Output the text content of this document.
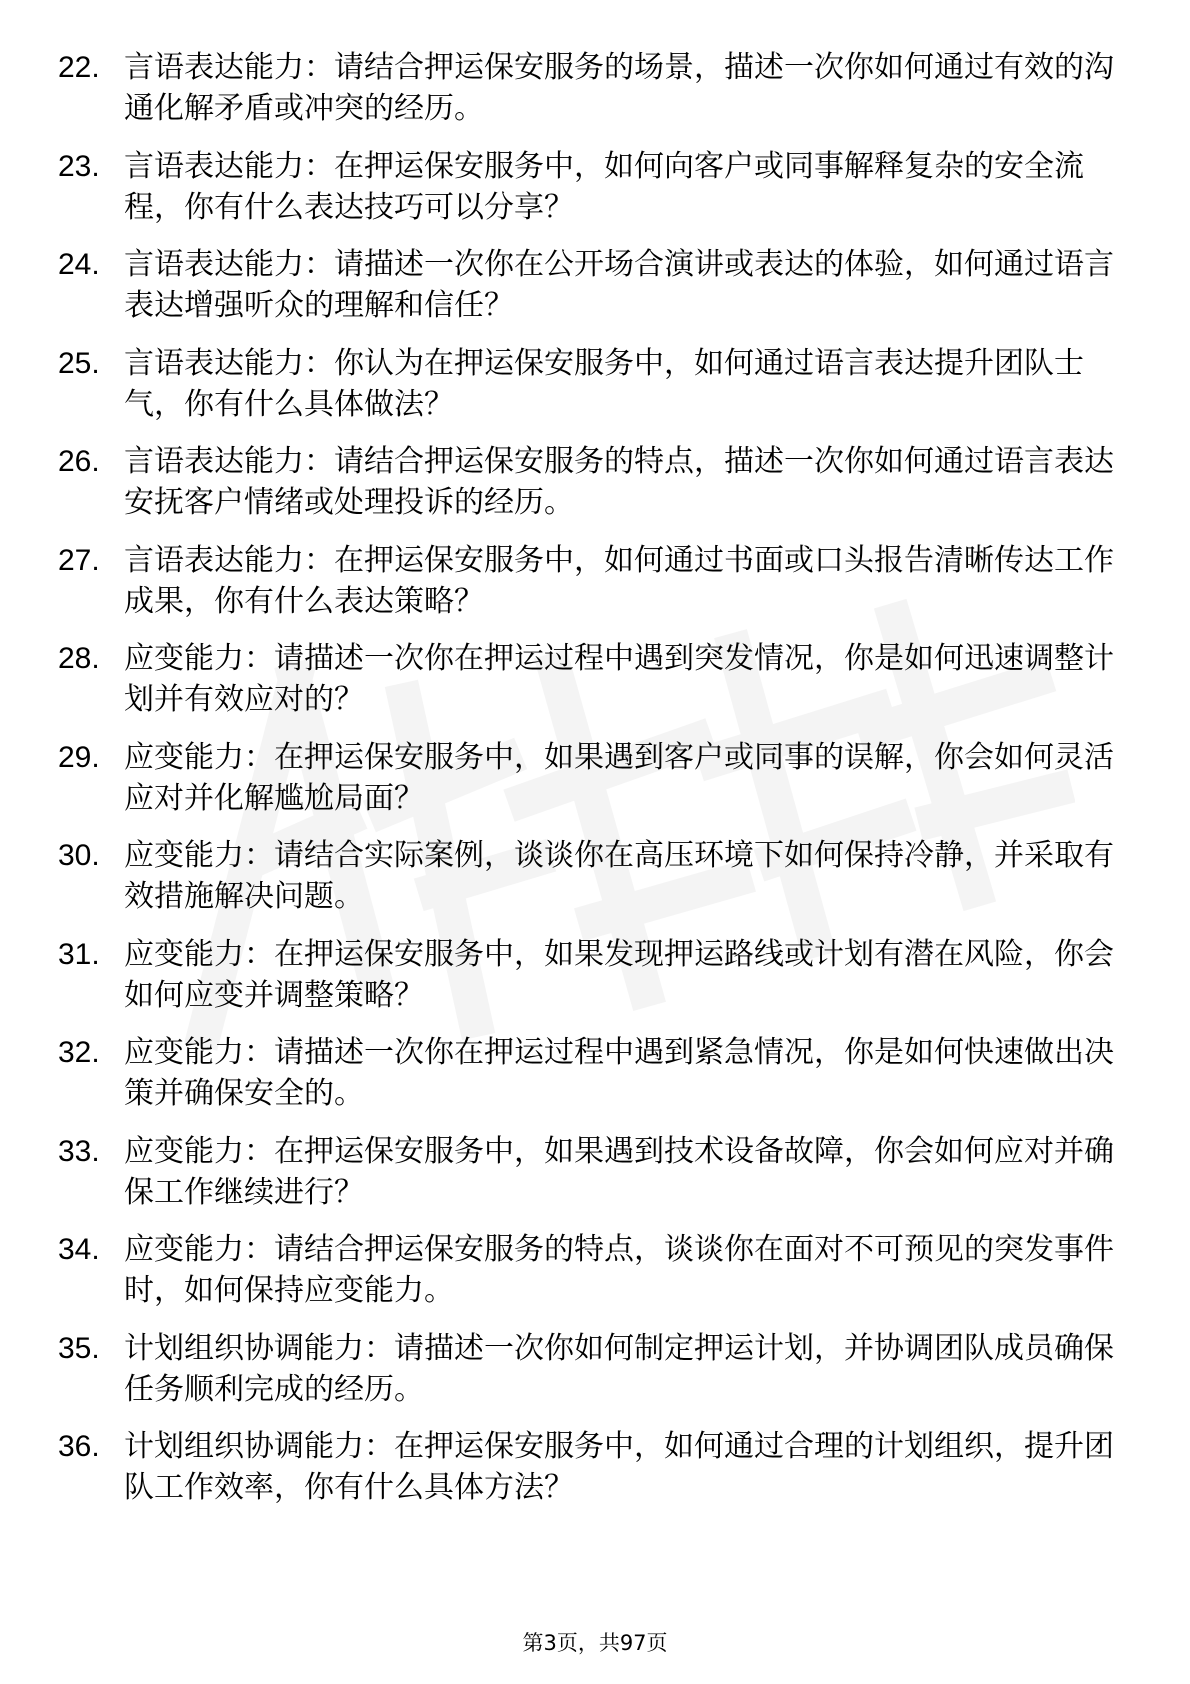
22. 言语表达能力：请结合押运保安服务的场景，描述一次你如何通过有效的沟通化解矛盾或冲突的经历。
23. 言语表达能力：在押运保安服务中，如何向客户或同事解释复杂的安全流程，你有什么表达技巧可以分享？
24. 言语表达能力：请描述一次你在公开场合演讲或表达的体验，如何通过语言表达增强听众的理解和信任？
25. 言语表达能力：你认为在押运保安服务中，如何通过语言表达提升团队士气，你有什么具体做法？
26. 言语表达能力：请结合押运保安服务的特点，描述一次你如何通过语言表达安抚客户情绪或处理投诉的经历。
27. 言语表达能力：在押运保安服务中，如何通过书面或口头报告清晰传达工作成果，你有什么表达策略？
28. 应变能力：请描述一次你在押运过程中遇到突发情况，你是如何迅速调整计划并有效应对的？
29. 应变能力：在押运保安服务中，如果遇到客户或同事的误解，你会如何灵活应对并化解尴尬局面？
30. 应变能力：请结合实际案例，谈谈你在高压环境下如何保持冷静，并采取有效措施解决问题。
31. 应变能力：在押运保安服务中，如果发现押运路线或计划有潜在风险，你会如何应变并调整策略？
32. 应变能力：请描述一次你在押运过程中遇到紧急情况，你是如何快速做出决策并确保安全的。
33. 应变能力：在押运保安服务中，如果遇到技术设备故障，你会如何应对并确保工作继续进行？
34. 应变能力：请结合押运保安服务的特点，谈谈你在面对不可预见的突发事件时，如何保持应变能力。
35. 计划组织协调能力：请描述一次你如何制定押运计划，并协调团队成员确保任务顺利完成的经历。
36. 计划组织协调能力：在押运保安服务中，如何通过合理的计划组织，提升团队工作效率，你有什么具体方法？
第3页，共97页
